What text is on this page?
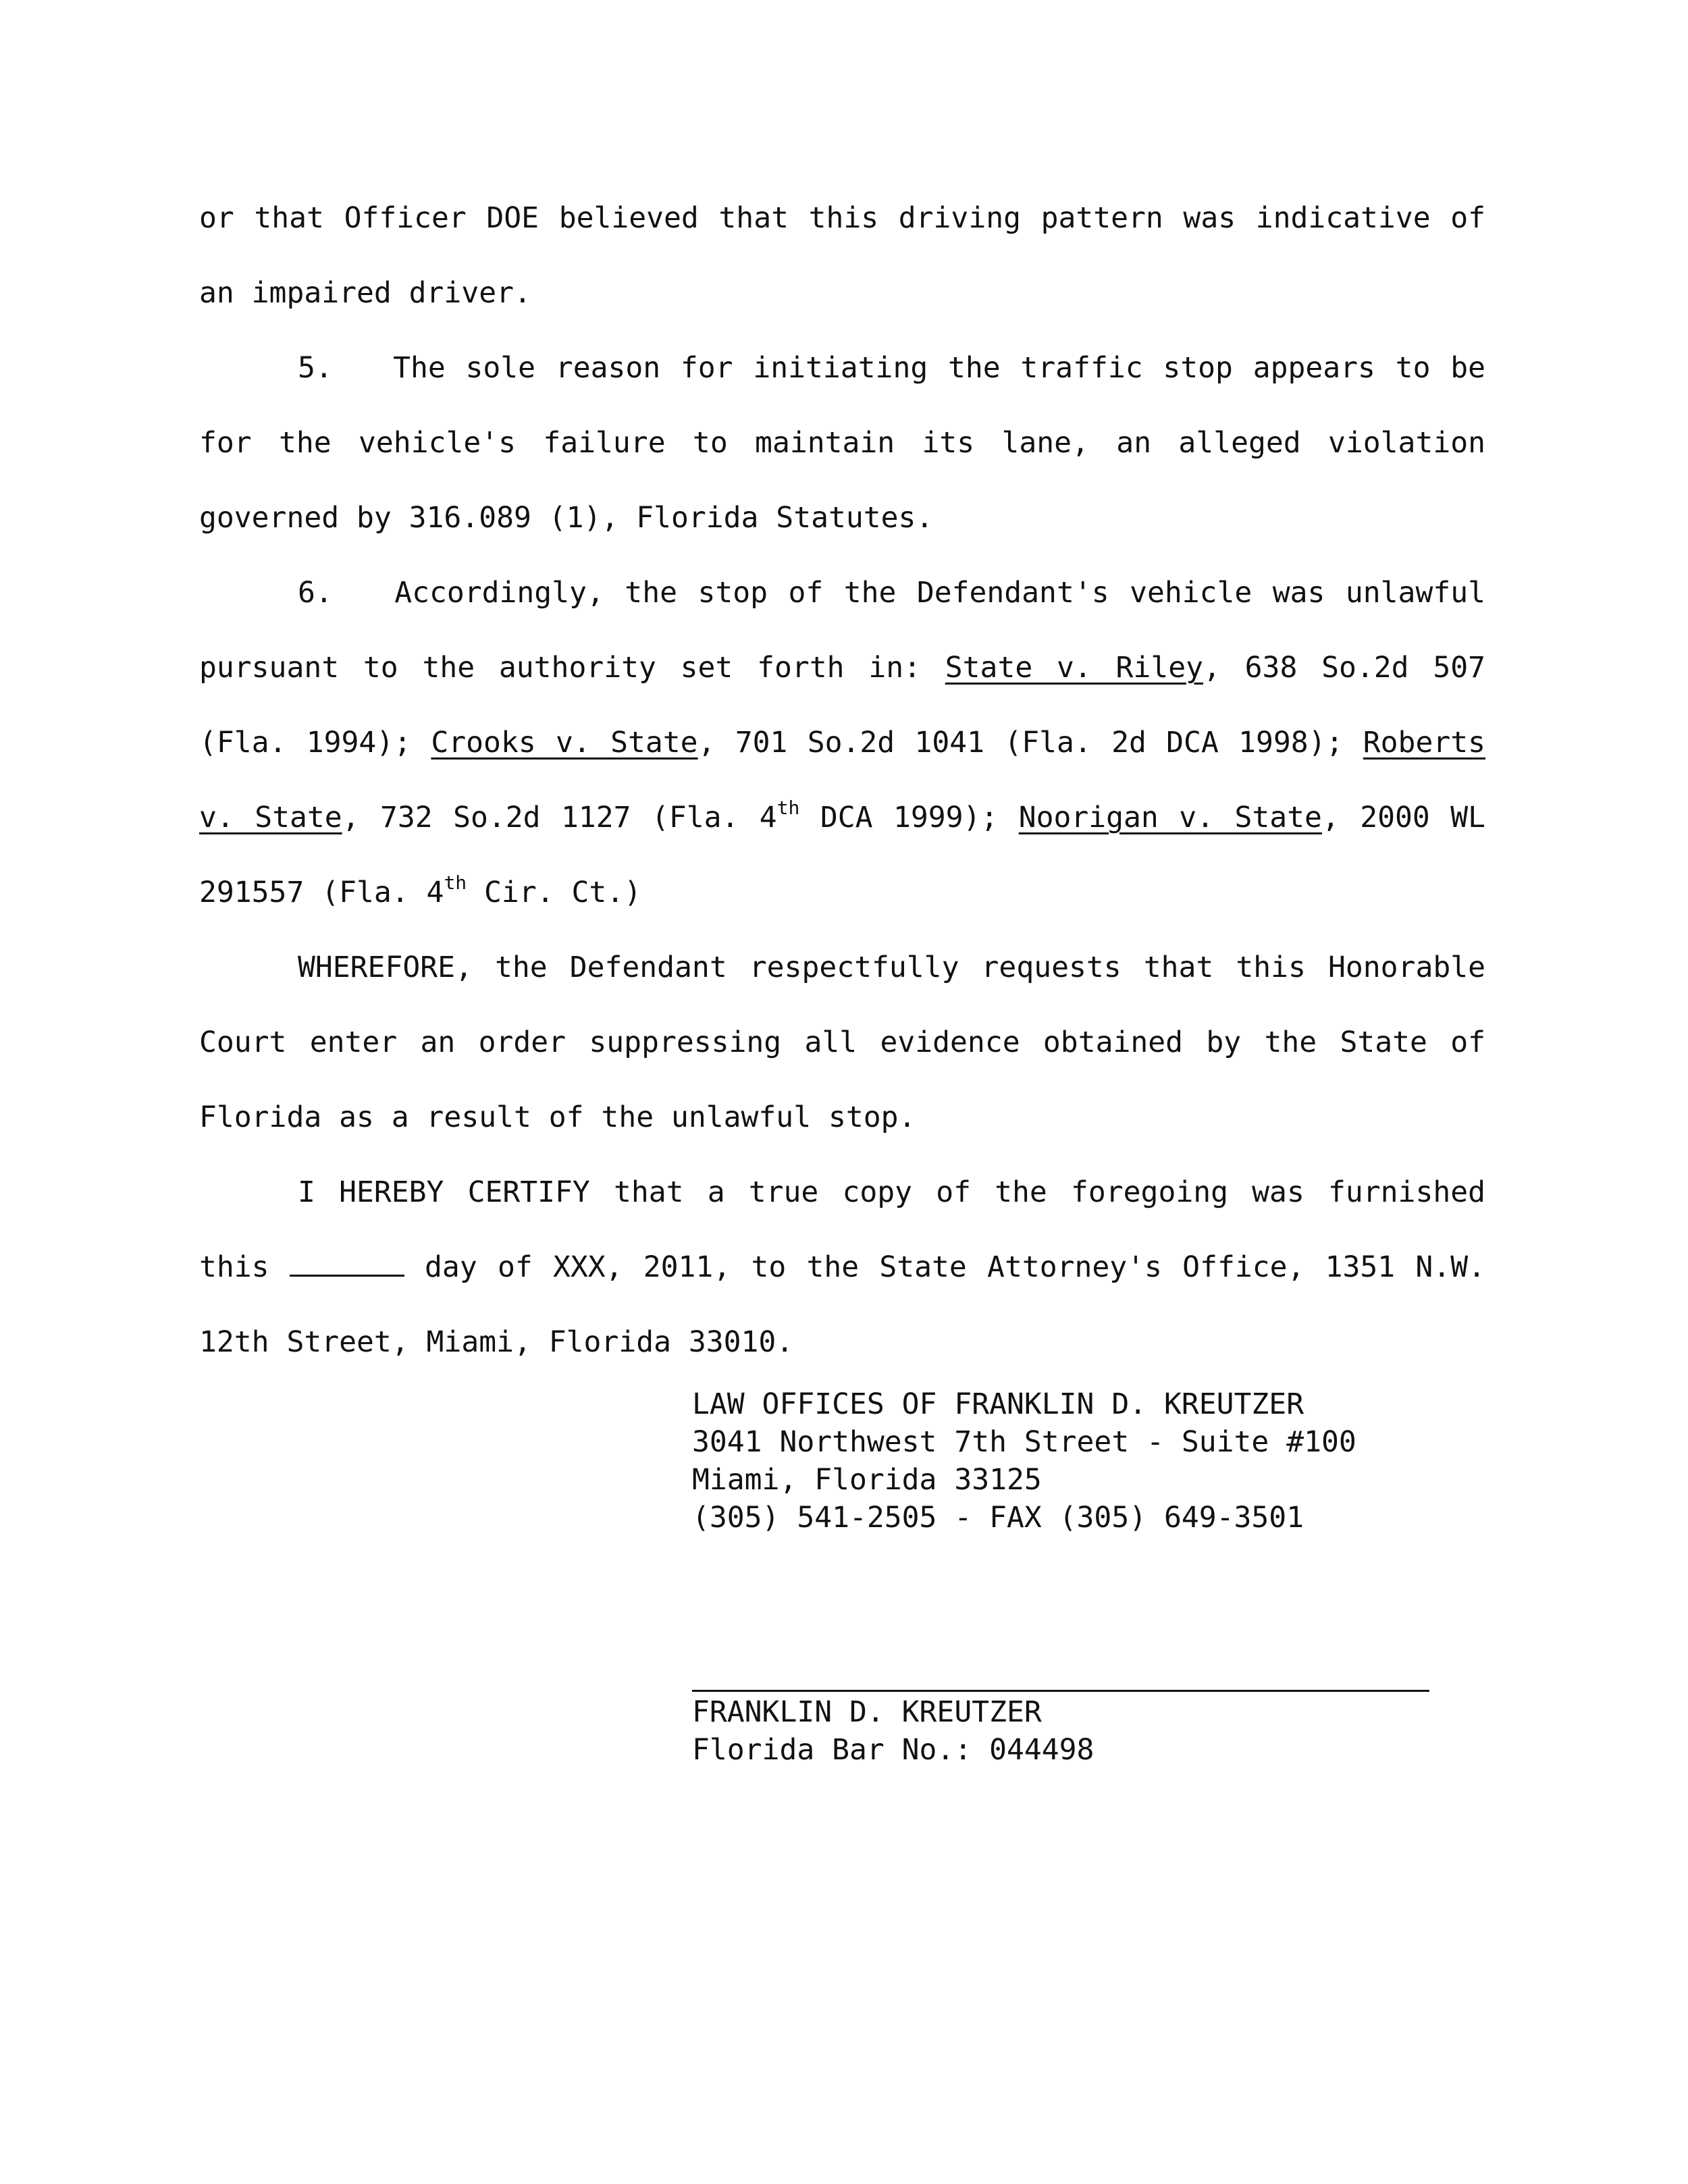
or that Officer DOE believed that this driving pattern was indicative of an impaired driver.

5. The sole reason for initiating the traffic stop appears to be for the vehicle's failure to maintain its lane, an alleged violation governed by 316.089 (1), Florida Statutes.

6. Accordingly, the stop of the Defendant's vehicle was unlawful pursuant to the authority set forth in: State v. Riley, 638 So.2d 507 (Fla. 1994); Crooks v. State, 701 So.2d 1041 (Fla. 2d DCA 1998); Roberts v. State, 732 So.2d 1127 (Fla. 4th DCA 1999); Noorigan v. State, 2000 WL 291557 (Fla. 4th Cir. Ct.)

WHEREFORE, the Defendant respectfully requests that this Honorable Court enter an order suppressing all evidence obtained by the State of Florida as a result of the unlawful stop.

I HEREBY CERTIFY that a true copy of the foregoing was furnished this	day of XXX, 2011, to the State Attorney's Office, 1351 N.W. 12th Street, Miami, Florida 33010.

LAW OFFICES OF FRANKLIN D. KREUTZER
3041 Northwest 7th Street - Suite #100
Miami, Florida 33125
(305) 541-2505 - FAX (305) 649-3501
FRANKLIN D. KREUTZER
Florida Bar No.: 044498
